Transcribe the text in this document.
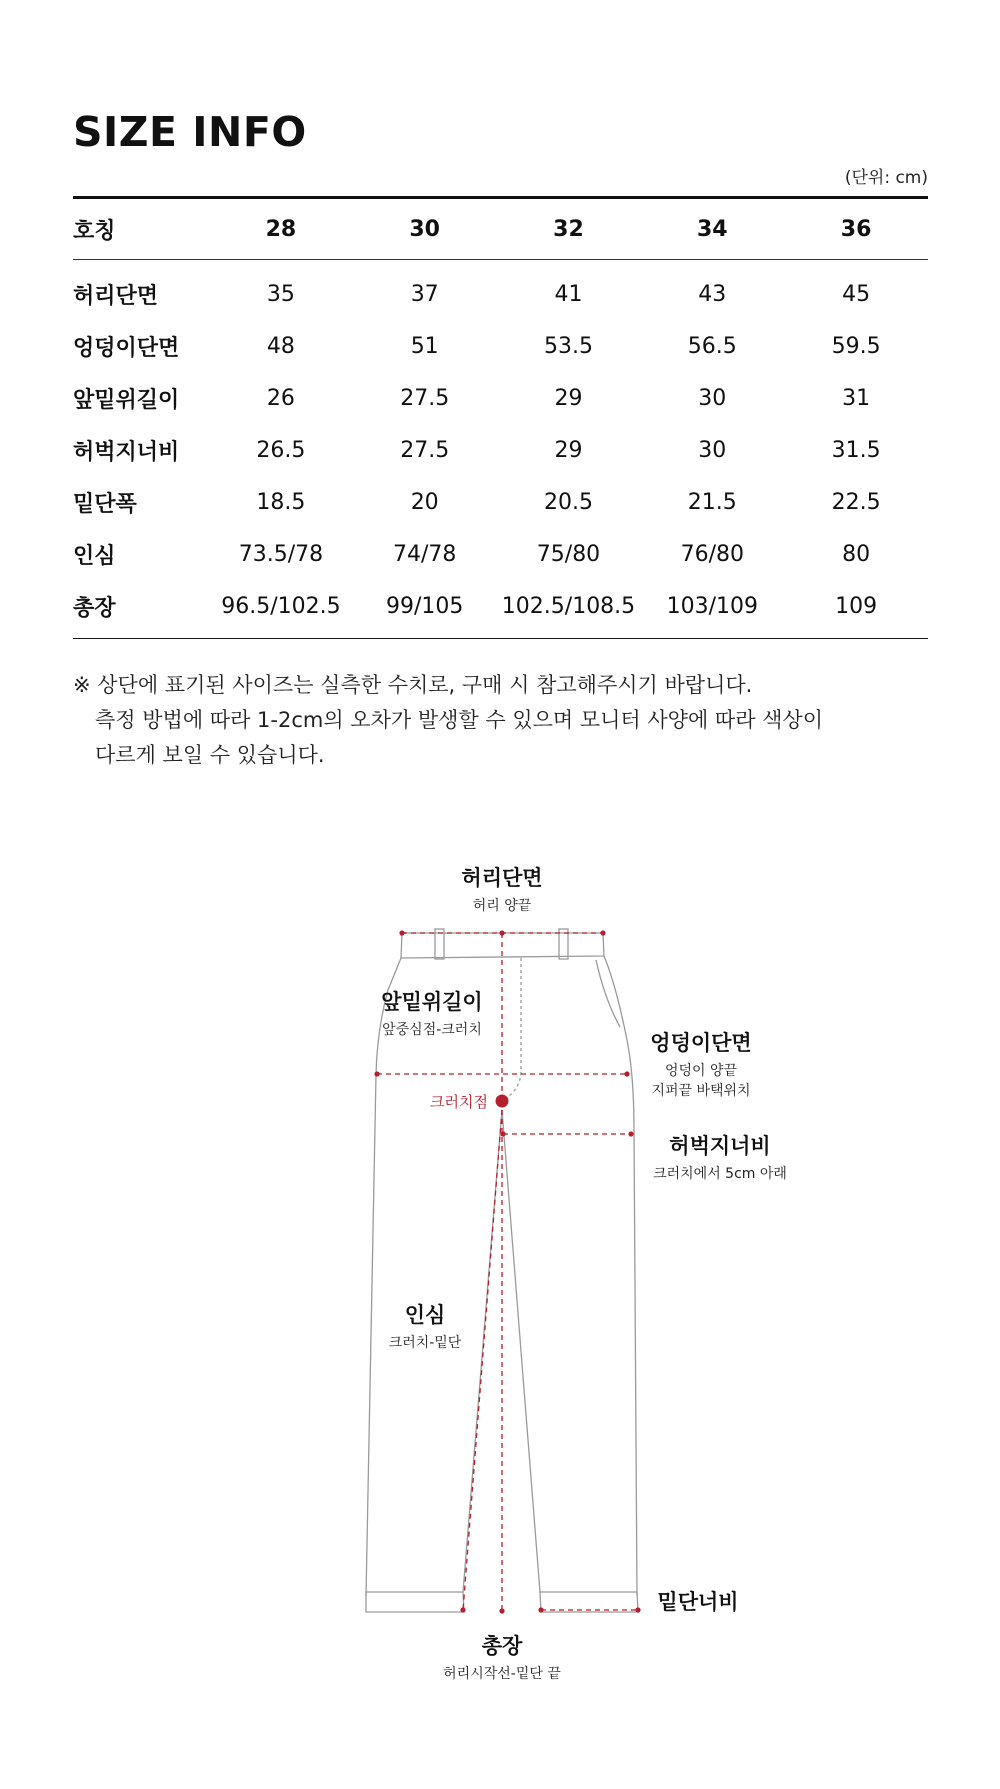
SIZE INFO
(단위: cm)
호칭	28	30	32	34	36
허리단면	35	37	41	43	45
엉덩이단면	48	51	53.5	56.5	59.5
앞밑위길이	26	27.5	29	30	31
허벅지너비	26.5	27.5	29	30	31.5
밑단폭	18.5	20	20.5	21.5	22.5
인심	73.5/78	74/78	75/80	76/80	80
총장	96.5/102.5	99/105	102.5/108.5	103/109	109
※ 상단에 표기된 사이즈는 실측한 수치로, 구매 시 참고해주시기 바랍니다.
측정 방법에 따라 1-2cm의 오차가 발생할 수 있으며 모니터 사양에 따라 색상이
다르게 보일 수 있습니다.
허리단면
허리 양끝
앞밑위길이
앞중심점-크러치
엉덩이단면
엉덩이 양끝
지퍼끝 바택위치
크러치점
허벅지너비
크러치에서 5cm 아래
인심
크러치-밑단
밑단너비
총장
허리시작선-밑단 끝
